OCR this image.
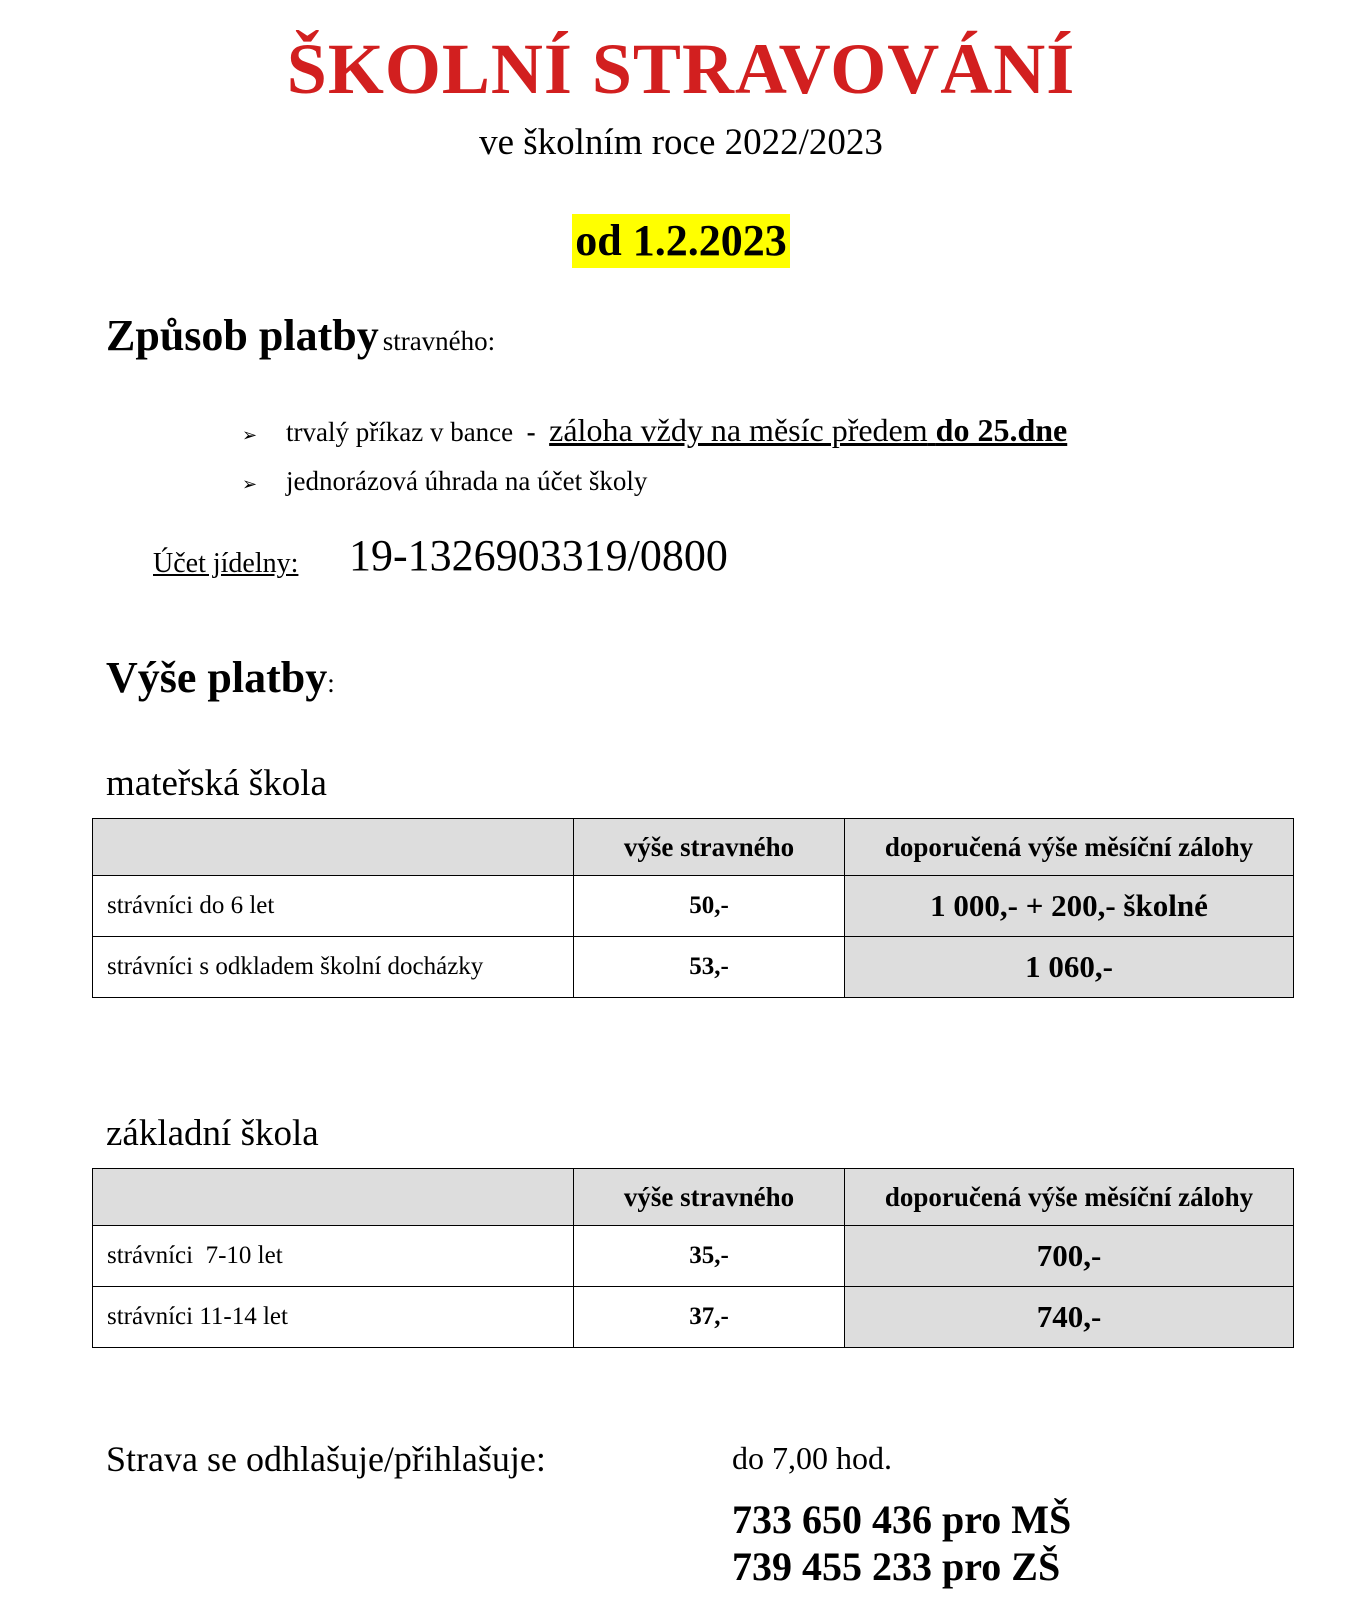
ŠKOLNÍ STRAVOVÁNÍ
ve školním roce 2022/2023
od 1.2.2023
Způsob platby stravného:
➢ trvalý příkaz v bance - záloha vždy na měsíc předem do 25.dne
➢ jednorázová úhrada na účet školy
Účet jídelny: 19-1326903319/0800
Výše platby:
mateřská škola
	výše stravného	doporučená výše měsíční zálohy
strávníci do 6 let	50,-	1 000,- + 200,- školné
strávníci s odkladem školní docházky	53,-	1 060,-
základní škola
	výše stravného	doporučená výše měsíční zálohy
strávníci  7-10 let	35,-	700,-
strávníci 11-14 let	37,-	740,-
Strava se odhlašuje/přihlašuje:	do 7,00 hod.
733 650 436 pro MŠ
739 455 233 pro ZŠ
